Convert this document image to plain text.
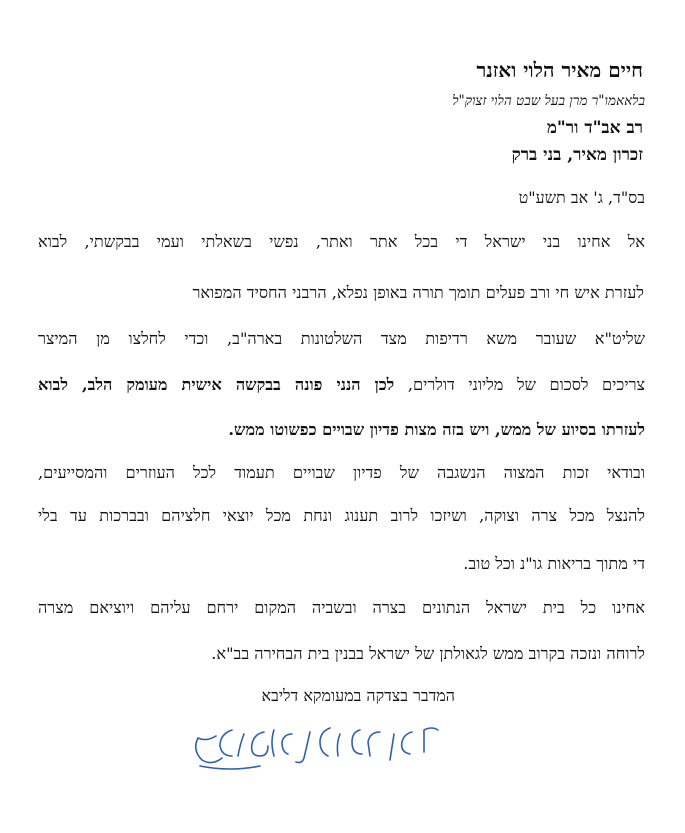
חיים מאיר הלוי ואזנר
בלאאמו"ר מרן בעל שבט הלוי זצוק"ל
רב אב"ד ור"מ
זכרון מאיר, בני ברק
בס"ד, ג' אב תשע"ט
אל אחינו בני ישראל די בכל אתר ואתר, נפשי בשאלתי ועמי בבקשתי, לבוא
לעזרת איש חי ורב פעלים תומך תורה באופן נפלא, הרבני החסיד המפואר
שליט"א שעובר משא רדיפות מצד השלטונות בארה"ב, וכדי לחלצו מן המיצר
צריכים לסכום של מליוני דולרים, לכן הנני פונה בבקשה אישית מעומק הלב, לבוא
לעזרתו בסיוע של ממש, ויש בזה מצות פדיון שבויים כפשוטו ממש.
ובודאי זכות המצוה הנשגבה של פדיון שבויים תעמוד לכל העוזרים והמסייעים,
להנצל מכל צרה וצוקה, ושיזכו לרוב תענוג ונחת מכל יוצאי חלציהם ובברכות עד בלי
די מתוך בריאות גו"נ וכל טוב.
אחינו כל בית ישראל הנתונים בצרה ובשביה המקום ירחם עליהם ויוציאם מצרה
לרוחה ונזכה בקרוב ממש לגאולתן של ישראל בבנין בית הבחירה בב"א.
המדבר בצדקה במעומקא דליבא
